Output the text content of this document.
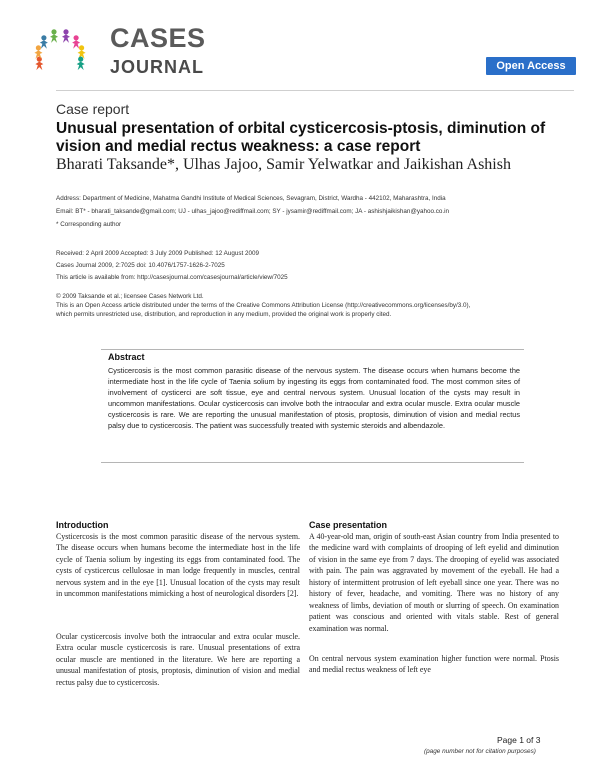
CASES
JOURNAL	Open Access
Case report
Unusual presentation of orbital cysticercosis-ptosis, diminution of vision and medial rectus weakness: a case report
Bharati Taksande*, Ulhas Jajoo, Samir Yelwatkar and Jaikishan Ashish
Address: Department of Medicine, Mahatma Gandhi Institute of Medical Sciences, Sevagram, District, Wardha - 442102, Maharashtra, India
Email: BT* - bharati_taksande@gmail.com; UJ - ulhas_jajoo@rediffmail.com; SY - jysamir@rediffmail.com; JA - ashishjaikishan@yahoo.co.in
* Corresponding author
Received: 2 April 2009 Accepted: 3 July 2009 Published: 12 August 2009
Cases Journal 2009, 2:7025 doi: 10.4076/1757-1626-2-7025
This article is available from: http://casesjournal.com/casesjournal/article/view/7025
© 2009 Taksande et al.; licensee Cases Network Ltd.
This is an Open Access article distributed under the terms of the Creative Commons Attribution License (http://creativecommons.org/licenses/by/3.0),
which permits unrestricted use, distribution, and reproduction in any medium, provided the original work is properly cited.
Abstract
Cysticercosis is the most common parasitic disease of the nervous system. The disease occurs when humans become the intermediate host in the life cycle of Taenia solium by ingesting its eggs from contaminated food. The most common sites of involvement of cysticerci are soft tissue, eye and central nervous system. Unusual location of the cysts may result in uncommon manifestations. Ocular cysticercosis can involve both the intraocular and extra ocular muscle. Extra ocular muscle cysticercosis is rare. We are reporting the unusual manifestation of ptosis, proptosis, diminution of vision and medial rectus palsy due to cysticercosis. The patient was successfully treated with systemic steroids and albendazole.
Introduction
Cysticercosis is the most common parasitic disease of the nervous system. The disease occurs when humans become the intermediate host in the life cycle of Taenia solium by ingesting its eggs from contaminated food. The cysts of cysticercus cellulosae in man lodge frequently in muscles, central nervous system and in the eye [1]. Unusual location of the cysts may result in uncommon manifestations mimicking a host of neurological disorders [2].
Ocular cysticercosis involve both the intraocular and extra ocular muscle. Extra ocular muscle cysticercosis is rare. Unusual presentations of extra ocular muscle are mentioned in the literature. We here are reporting a unusual manifestation of ptosis, proptosis, diminution of vision and medial rectus palsy due to cysticercosis.
Case presentation
A 40-year-old man, origin of south-east Asian country from India presented to the medicine ward with complaints of drooping of left eyelid and diminution of vision in the same eye from 7 days. The drooping of eyelid was associated with pain. The pain was aggravated by movement of the eyeball. He had a history of intermittent protrusion of left eyeball since one year. There was no history of fever, headache, and vomiting. There was no history of any weakness of limbs, deviation of mouth or slurring of speech. On examination patient was conscious and oriented with vitals stable. Rest of general examination was normal.
On central nervous system examination higher function were normal. Ptosis and medial rectus weakness of left eye
Page 1 of 3
(page number not for citation purposes)
